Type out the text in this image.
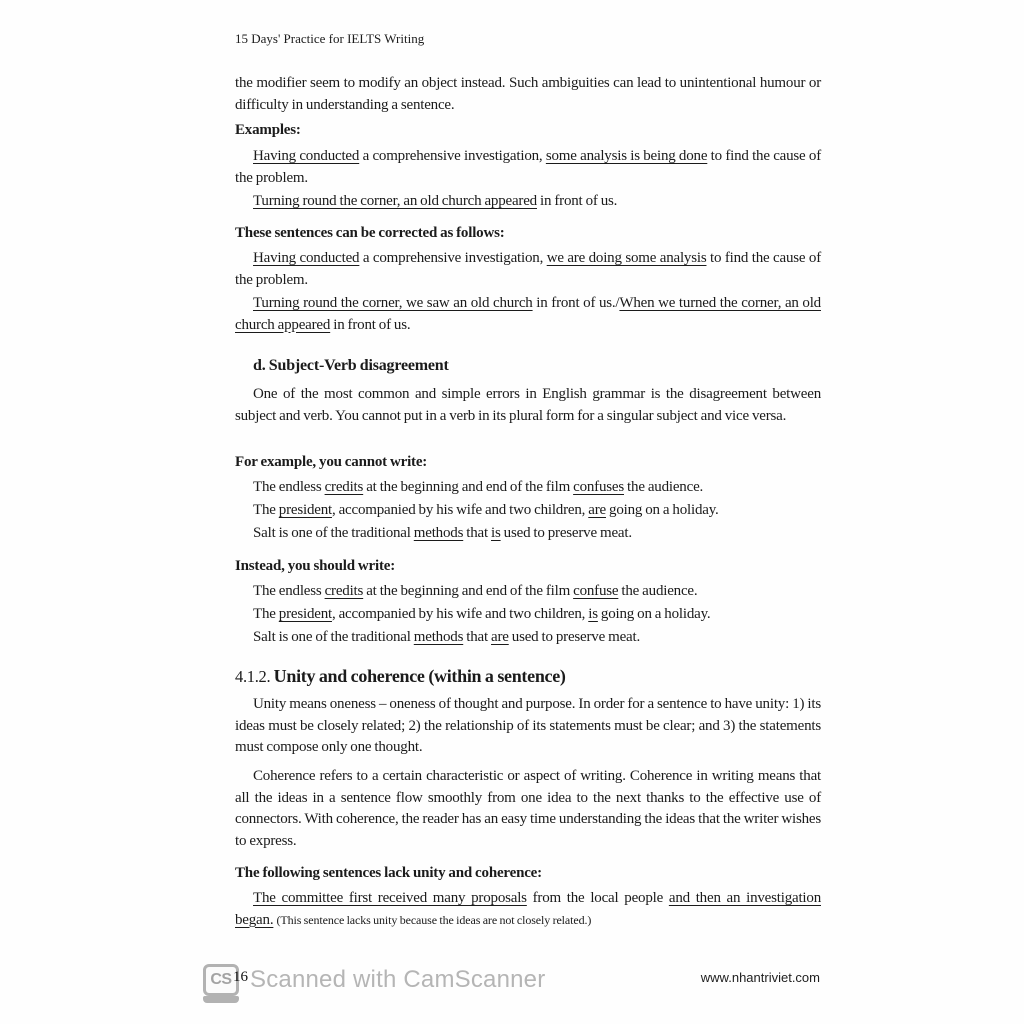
15 Days' Practice for IELTS Writing
the modifier seem to modify an object instead. Such ambiguities can lead to unintentional humour or difficulty in understanding a sentence.
Examples:
Having conducted a comprehensive investigation, some analysis is being done to find the cause of the problem.
Turning round the corner, an old church appeared in front of us.
These sentences can be corrected as follows:
Having conducted a comprehensive investigation, we are doing some analysis to find the cause of the problem.
Turning round the corner, we saw an old church in front of us./When we turned the corner, an old church appeared in front of us.
d. Subject-Verb disagreement
One of the most common and simple errors in English grammar is the disagreement between subject and verb. You cannot put in a verb in its plural form for a singular subject and vice versa.
For example, you cannot write:
The endless credits at the beginning and end of the film confuses the audience.
The president, accompanied by his wife and two children, are going on a holiday.
Salt is one of the traditional methods that is used to preserve meat.
Instead, you should write:
The endless credits at the beginning and end of the film confuse the audience.
The president, accompanied by his wife and two children, is going on a holiday.
Salt is one of the traditional methods that are used to preserve meat.
4.1.2. Unity and coherence (within a sentence)
Unity means oneness – oneness of thought and purpose. In order for a sentence to have unity: 1) its ideas must be closely related; 2) the relationship of its statements must be clear; and 3) the statements must compose only one thought.
Coherence refers to a certain characteristic or aspect of writing. Coherence in writing means that all the ideas in a sentence flow smoothly from one idea to the next thanks to the effective use of connectors. With coherence, the reader has an easy time understanding the ideas that the writer wishes to express.
The following sentences lack unity and coherence:
The committee first received many proposals from the local people and then an investigation began. (This sentence lacks unity because the ideas are not closely related.)
CS 16 Scanned with CamScanner	www.nhantriviet.com
